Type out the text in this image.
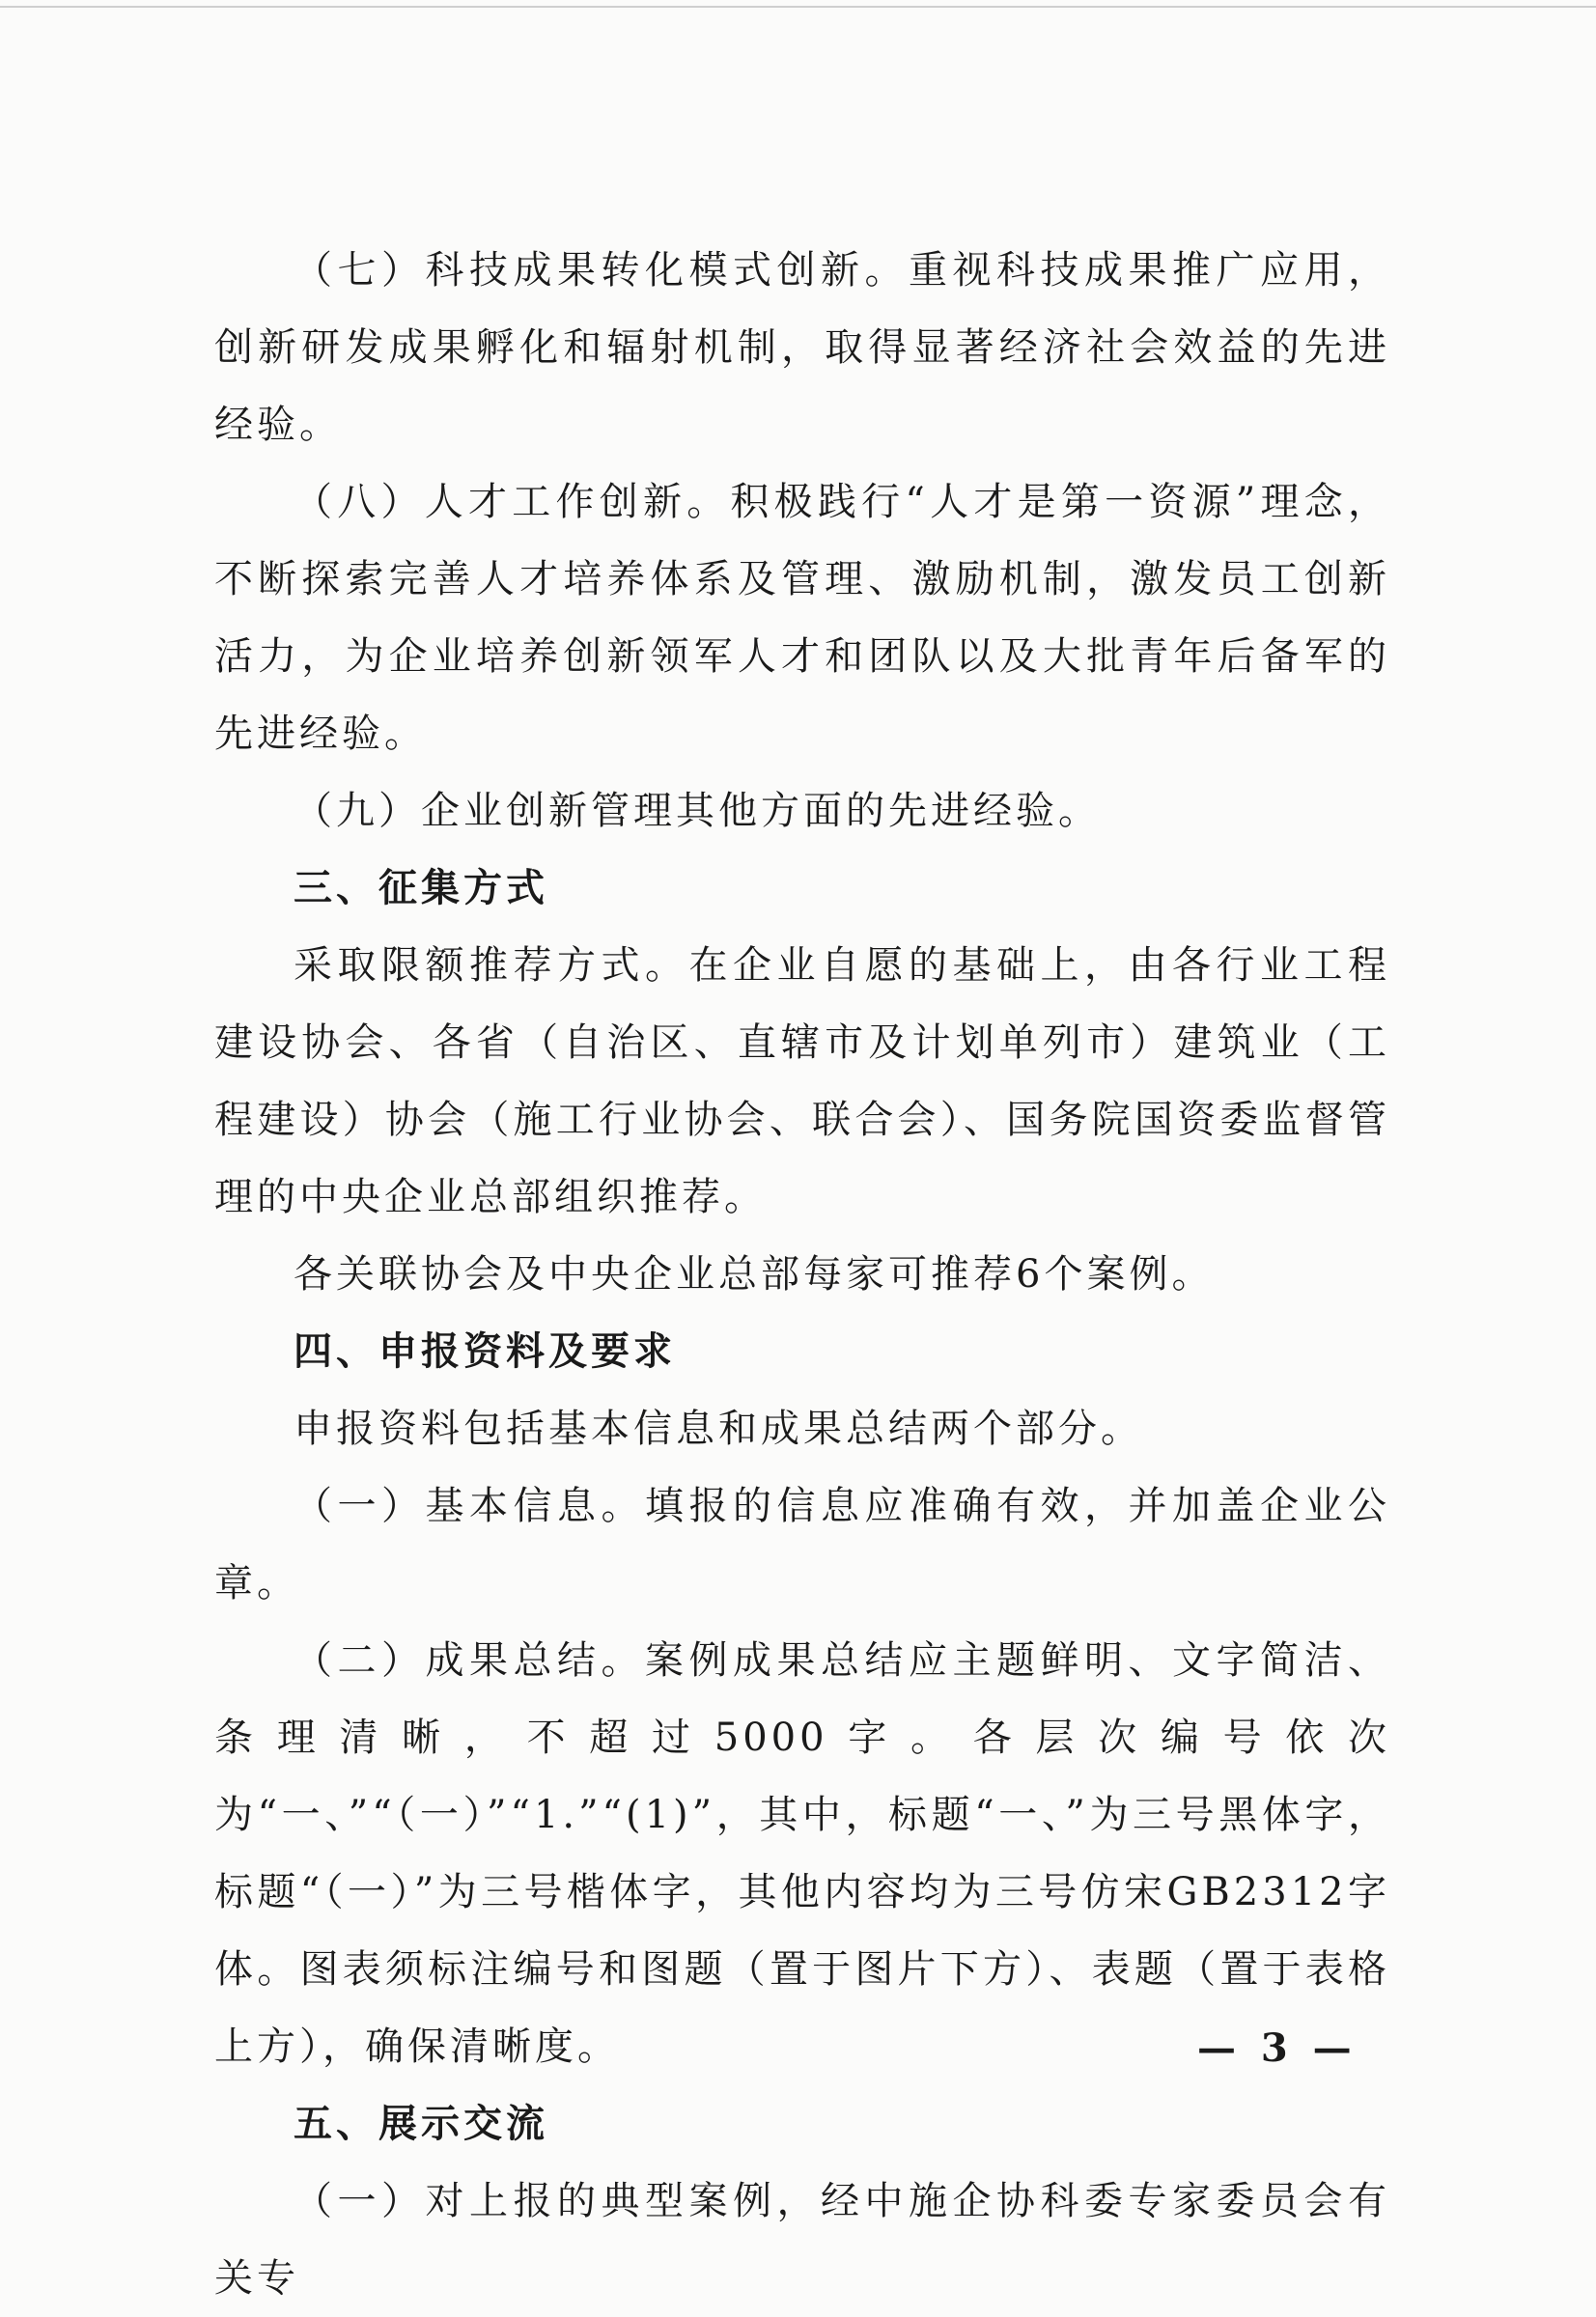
（七）科技成果转化模式创新。重视科技成果推广应用，创新研发成果孵化和辐射机制，取得显著经济社会效益的先进经验。

（八）人才工作创新。积极践行“人才是第一资源”理念，不断探索完善人才培养体系及管理、激励机制，激发员工创新活力，为企业培养创新领军人才和团队以及大批青年后备军的先进经验。

（九）企业创新管理其他方面的先进经验。

三、征集方式

采取限额推荐方式。在企业自愿的基础上，由各行业工程建设协会、各省（自治区、直辖市及计划单列市）建筑业（工程建设）协会（施工行业协会、联合会）、国务院国资委监督管理的中央企业总部组织推荐。

各关联协会及中央企业总部每家可推荐6个案例。

四、申报资料及要求

申报资料包括基本信息和成果总结两个部分。

（一）基本信息。填报的信息应准确有效，并加盖企业公章。

（二）成果总结。案例成果总结应主题鲜明、文字简洁、条理清晰，不超过5000字。各层次编号依次为“一、”“（一）”“1.”“(1)”，其中，标题“一、”为三号黑体字，标题“（一）”为三号楷体字，其他内容均为三号仿宋GB2312字体。图表须标注编号和图题（置于图片下方）、表题（置于表格上方），确保清晰度。

五、展示交流

（一）对上报的典型案例，经中施企协科委专家委员会有关专

— 3 —
